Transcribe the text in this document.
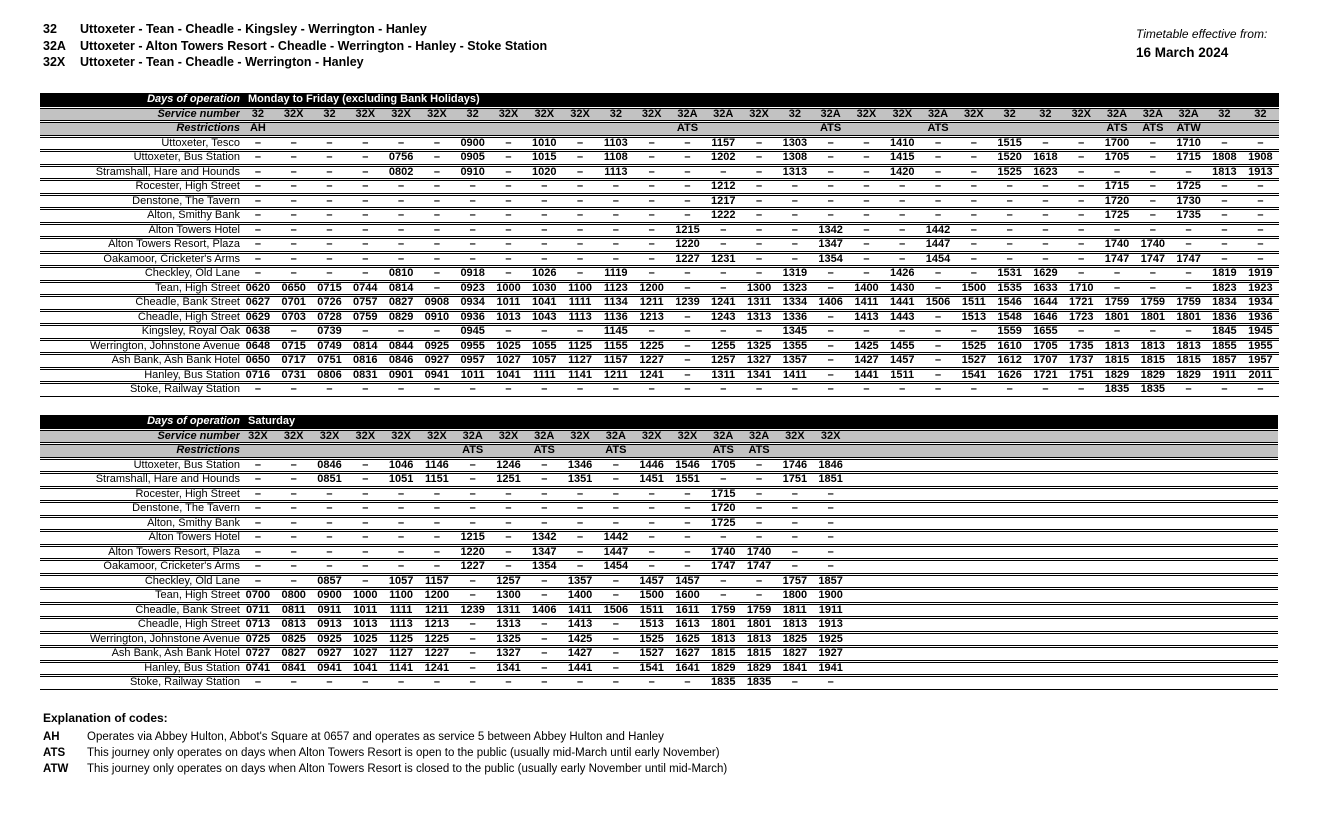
32	Uttoxeter - Tean - Cheadle - Kingsley - Werrington - Hanley
32A	Uttoxeter - Alton Towers Resort - Cheadle - Werrington - Hanley - Stoke Station
32X	Uttoxeter - Tean - Cheadle - Werrington - Hanley
Timetable effective from:
16 March 2024
Days of operation	Monday to Friday (excluding Bank Holidays)																												
Service number	32	32X	32	32X	32X	32X	32	32X	32X	32X	32	32X	32A	32A	32X	32	32A	32X	32X	32A	32X	32	32	32X	32A	32A	32A	32	32
Restrictions	AH												ATS				ATS			ATS					ATS	ATS	ATW		
Uttoxeter, Tesco	–	–	–	–	–	–	0900	–	1010	–	1103	–	–	1157	–	1303	–	–	1410	–	–	1515	–	–	1700	–	1710	–	–
Uttoxeter, Bus Station	–	–	–	–	0756	–	0905	–	1015	–	1108	–	–	1202	–	1308	–	–	1415	–	–	1520	1618	–	1705	–	1715	1808	1908
Stramshall, Hare and Hounds	–	–	–	–	0802	–	0910	–	1020	–	1113	–	–	–	–	1313	–	–	1420	–	–	1525	1623	–	–	–	–	1813	1913
Rocester, High Street	–	–	–	–	–	–	–	–	–	–	–	–	–	1212	–	–	–	–	–	–	–	–	–	–	1715	–	1725	–	–
Denstone, The Tavern	–	–	–	–	–	–	–	–	–	–	–	–	–	1217	–	–	–	–	–	–	–	–	–	–	1720	–	1730	–	–
Alton, Smithy Bank	–	–	–	–	–	–	–	–	–	–	–	–	–	1222	–	–	–	–	–	–	–	–	–	–	1725	–	1735	–	–
Alton Towers Hotel	–	–	–	–	–	–	–	–	–	–	–	–	1215	–	–	–	1342	–	–	1442	–	–	–	–	–	–	–	–	–
Alton Towers Resort, Plaza	–	–	–	–	–	–	–	–	–	–	–	–	1220	–	–	–	1347	–	–	1447	–	–	–	–	1740	1740	–	–	–
Oakamoor, Cricketer's Arms	–	–	–	–	–	–	–	–	–	–	–	–	1227	1231	–	–	1354	–	–	1454	–	–	–	–	1747	1747	1747	–	–
Checkley, Old Lane	–	–	–	–	0810	–	0918	–	1026	–	1119	–	–	–	–	1319	–	–	1426	–	–	1531	1629	–	–	–	–	1819	1919
Tean, High Street	0620	0650	0715	0744	0814	–	0923	1000	1030	1100	1123	1200	–	–	1300	1323	–	1400	1430	–	1500	1535	1633	1710	–	–	–	1823	1923
Cheadle, Bank Street	0627	0701	0726	0757	0827	0908	0934	1011	1041	1111	1134	1211	1239	1241	1311	1334	1406	1411	1441	1506	1511	1546	1644	1721	1759	1759	1759	1834	1934
Cheadle, High Street	0629	0703	0728	0759	0829	0910	0936	1013	1043	1113	1136	1213	–	1243	1313	1336	–	1413	1443	–	1513	1548	1646	1723	1801	1801	1801	1836	1936
Kingsley, Royal Oak	0638	–	0739	–	–	–	0945	–	–	–	1145	–	–	–	–	1345	–	–	–	–	–	1559	1655	–	–	–	–	1845	1945
Werrington, Johnstone Avenue	0648	0715	0749	0814	0844	0925	0955	1025	1055	1125	1155	1225	–	1255	1325	1355	–	1425	1455	–	1525	1610	1705	1735	1813	1813	1813	1855	1955
Ash Bank, Ash Bank Hotel	0650	0717	0751	0816	0846	0927	0957	1027	1057	1127	1157	1227	–	1257	1327	1357	–	1427	1457	–	1527	1612	1707	1737	1815	1815	1815	1857	1957
Hanley, Bus Station	0716	0731	0806	0831	0901	0941	1011	1041	1111	1141	1211	1241	–	1311	1341	1411	–	1441	1511	–	1541	1626	1721	1751	1829	1829	1829	1911	2011
Stoke, Railway Station	–	–	–	–	–	–	–	–	–	–	–	–	–	–	–	–	–	–	–	–	–	–	–	–	1835	1835	–	–	–
Days of operation	Saturday																	
Service number	32X	32X	32X	32X	32X	32X	32A	32X	32A	32X	32A	32X	32X	32A	32A	32X	32X	
Restrictions							ATS		ATS		ATS			ATS	ATS			
Uttoxeter, Bus Station	–	–	0846	–	1046	1146	–	1246	–	1346	–	1446	1546	1705	–	1746	1846	
Stramshall, Hare and Hounds	–	–	0851	–	1051	1151	–	1251	–	1351	–	1451	1551	–	–	1751	1851	
Rocester, High Street	–	–	–	–	–	–	–	–	–	–	–	–	–	1715	–	–	–	
Denstone, The Tavern	–	–	–	–	–	–	–	–	–	–	–	–	–	1720	–	–	–	
Alton, Smithy Bank	–	–	–	–	–	–	–	–	–	–	–	–	–	1725	–	–	–	
Alton Towers Hotel	–	–	–	–	–	–	1215	–	1342	–	1442	–	–	–	–	–	–	
Alton Towers Resort, Plaza	–	–	–	–	–	–	1220	–	1347	–	1447	–	–	1740	1740	–	–	
Oakamoor, Cricketer's Arms	–	–	–	–	–	–	1227	–	1354	–	1454	–	–	1747	1747	–	–	
Checkley, Old Lane	–	–	0857	–	1057	1157	–	1257	–	1357	–	1457	1457	–	–	1757	1857	
Tean, High Street	0700	0800	0900	1000	1100	1200	–	1300	–	1400	–	1500	1600	–	–	1800	1900	
Cheadle, Bank Street	0711	0811	0911	1011	1111	1211	1239	1311	1406	1411	1506	1511	1611	1759	1759	1811	1911	
Cheadle, High Street	0713	0813	0913	1013	1113	1213	–	1313	–	1413	–	1513	1613	1801	1801	1813	1913	
Werrington, Johnstone Avenue	0725	0825	0925	1025	1125	1225	–	1325	–	1425	–	1525	1625	1813	1813	1825	1925	
Ash Bank, Ash Bank Hotel	0727	0827	0927	1027	1127	1227	–	1327	–	1427	–	1527	1627	1815	1815	1827	1927	
Hanley, Bus Station	0741	0841	0941	1041	1141	1241	–	1341	–	1441	–	1541	1641	1829	1829	1841	1941	
Stoke, Railway Station	–	–	–	–	–	–	–	–	–	–	–	–	–	1835	1835	–	–	
Explanation of codes:
AH	Operates via Abbey Hulton, Abbot's Square at 0657 and operates as service 5 between Abbey Hulton and Hanley
ATS	This journey only operates on days when Alton Towers Resort is open to the public (usually mid-March until early November)
ATW	This journey only operates on days when Alton Towers Resort is closed to the public (usually early November until mid-March)
